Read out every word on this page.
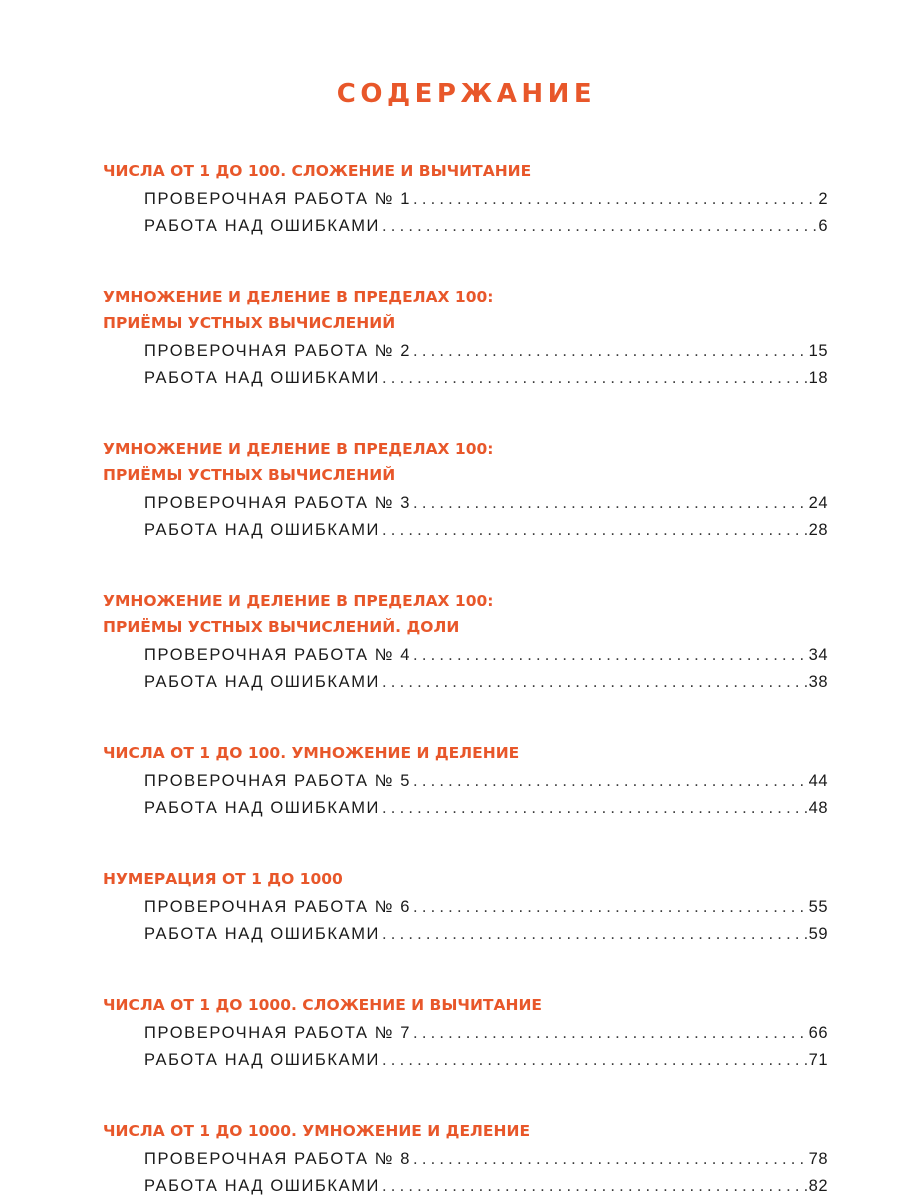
СОДЕРЖАНИЕ
ЧИСЛА ОТ 1 ДО 100. СЛОЖЕНИЕ И ВЫЧИТАНИЕ
ПРОВЕРОЧНАЯ РАБОТА № 1 .....	2
РАБОТА НАД ОШИБКАМИ .....	6
УМНОЖЕНИЕ И ДЕЛЕНИЕ В ПРЕДЕЛАХ 100:
ПРИЁМЫ УСТНЫХ ВЫЧИСЛЕНИЙ
ПРОВЕРОЧНАЯ РАБОТА № 2 .....	15
РАБОТА НАД ОШИБКАМИ .....	18
УМНОЖЕНИЕ И ДЕЛЕНИЕ В ПРЕДЕЛАХ 100:
ПРИЁМЫ УСТНЫХ ВЫЧИСЛЕНИЙ
ПРОВЕРОЧНАЯ РАБОТА № 3 .....	24
РАБОТА НАД ОШИБКАМИ .....	28
УМНОЖЕНИЕ И ДЕЛЕНИЕ В ПРЕДЕЛАХ 100:
ПРИЁМЫ УСТНЫХ ВЫЧИСЛЕНИЙ. ДОЛИ
ПРОВЕРОЧНАЯ РАБОТА № 4 .....	34
РАБОТА НАД ОШИБКАМИ .....	38
ЧИСЛА ОТ 1 ДО 100. УМНОЖЕНИЕ И ДЕЛЕНИЕ
ПРОВЕРОЧНАЯ РАБОТА № 5 .....	44
РАБОТА НАД ОШИБКАМИ .....	48
НУМЕРАЦИЯ ОТ 1 ДО 1000
ПРОВЕРОЧНАЯ РАБОТА № 6 .....	55
РАБОТА НАД ОШИБКАМИ .....	59
ЧИСЛА ОТ 1 ДО 1000. СЛОЖЕНИЕ И ВЫЧИТАНИЕ
ПРОВЕРОЧНАЯ РАБОТА № 7 .....	66
РАБОТА НАД ОШИБКАМИ .....	71
ЧИСЛА ОТ 1 ДО 1000. УМНОЖЕНИЕ И ДЕЛЕНИЕ
ПРОВЕРОЧНАЯ РАБОТА № 8 .....	78
РАБОТА НАД ОШИБКАМИ .....	82
